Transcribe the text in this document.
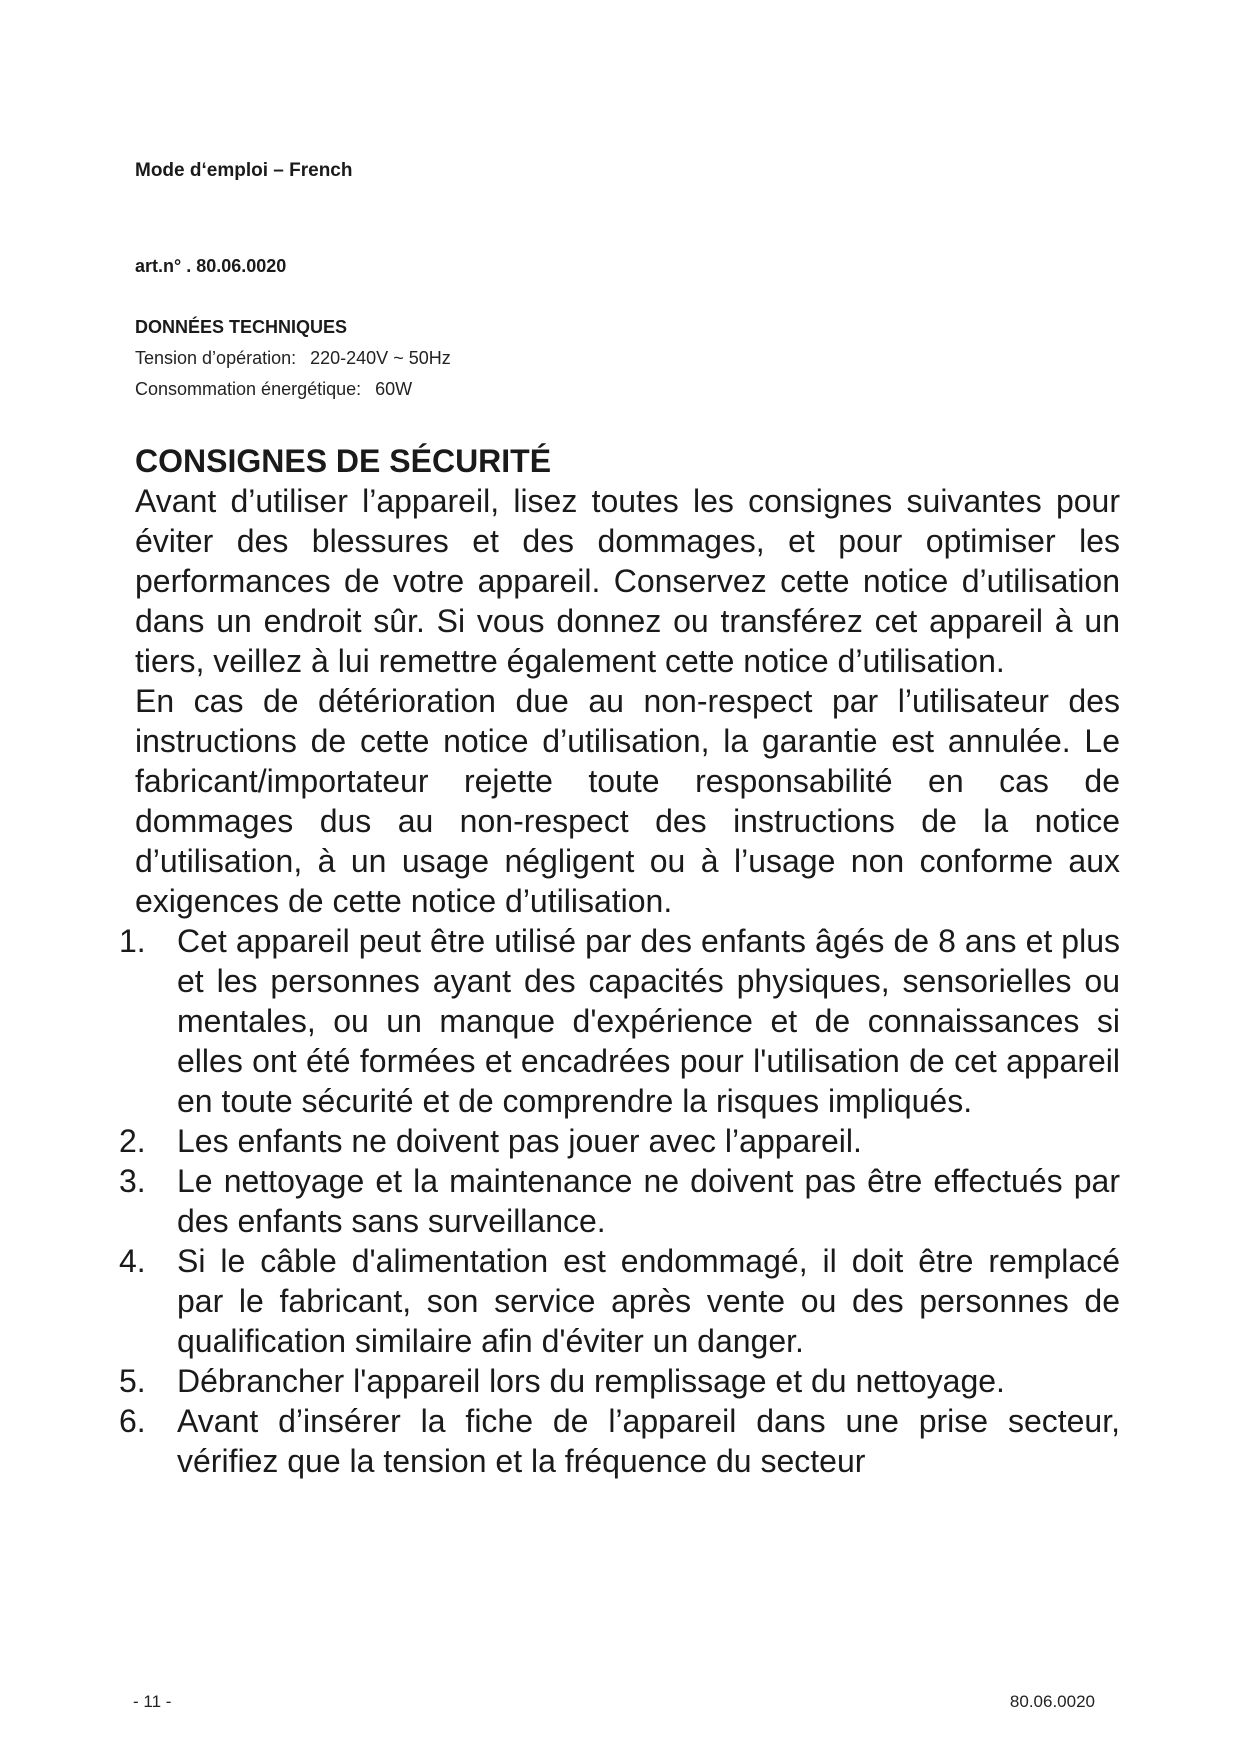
Mode d‘emploi – French
art.n° . 80.06.0020
DONNÉES TECHNIQUES
Tension d’opération: 220-240V ~ 50Hz
Consommation énergétique: 60W
CONSIGNES DE SÉCURITÉ

Avant d’utiliser l’appareil, lisez toutes les consignes suivantes pour éviter des blessures et des dommages, et pour optimiser les performances de votre appareil. Conservez cette notice d’utilisation dans un endroit sûr. Si vous donnez ou transférez cet appareil à un tiers, veillez à lui remettre également cette notice d’utilisation.

En cas de détérioration due au non-respect par l’utilisateur des instructions de cette notice d’utilisation, la garantie est annulée. Le fabricant/importateur rejette toute responsabilité en cas de dommages dus au non-respect des instructions de la notice d’utilisation, à un usage négligent ou à l’usage non conforme aux exigences de cette notice d’utilisation.

1. Cet appareil peut être utilisé par des enfants âgés de 8 ans et plus et les personnes ayant des capacités physiques, sensorielles ou mentales, ou un manque d'expérience et de connaissances si elles ont été formées et encadrées pour l'utilisation de cet appareil en toute sécurité et de comprendre la risques impliqués.
2. Les enfants ne doivent pas jouer avec l’appareil.
3. Le nettoyage et la maintenance ne doivent pas être effectués par des enfants sans surveillance.
4. Si le câble d'alimentation est endommagé, il doit être remplacé par le fabricant, son service après vente ou des personnes de qualification similaire afin d'éviter un danger.
5. Débrancher l'appareil lors du remplissage et du nettoyage.
6. Avant d’insérer la fiche de l’appareil dans une prise secteur, vérifiez que la tension et la fréquence du secteur
- 11 -	80.06.0020
